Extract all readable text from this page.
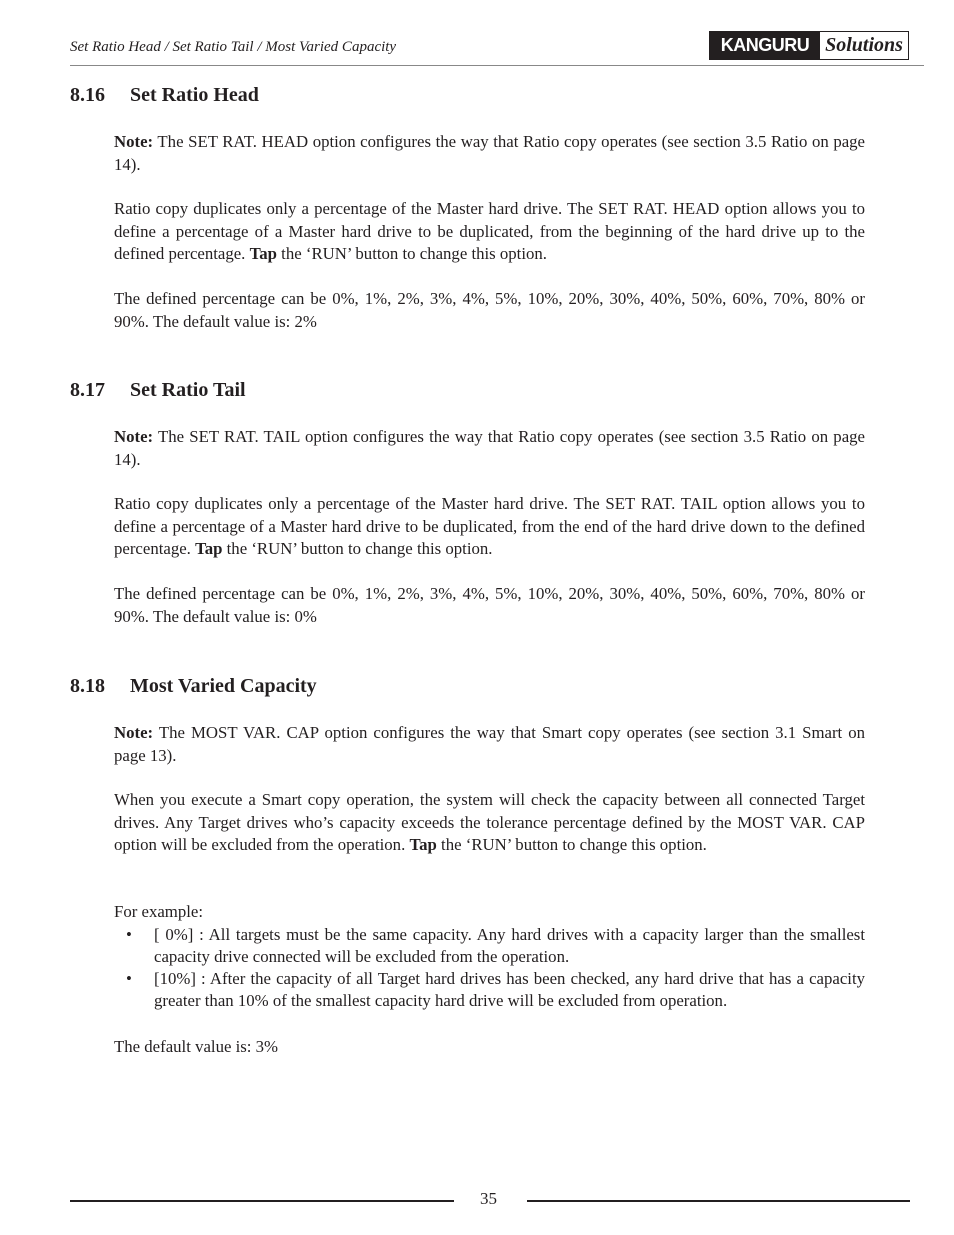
Set Ratio Head / Set Ratio Tail / Most Varied Capacity	KANGURU Solutions
8.16 Set Ratio Head

Note: The SET RAT. HEAD option configures the way that Ratio copy operates (see section 3.5 Ratio on page 14).

Ratio copy duplicates only a percentage of the Master hard drive. The SET RAT. HEAD option allows you to define a percentage of a Master hard drive to be duplicated, from the beginning of the hard drive up to the defined percentage. Tap the ‘RUN’ button to change this option.

The defined percentage can be 0%, 1%, 2%, 3%, 4%, 5%, 10%, 20%, 30%, 40%, 50%, 60%, 70%, 80% or 90%. The default value is: 2%

8.17 Set Ratio Tail

Note: The SET RAT. TAIL option configures the way that Ratio copy operates (see section 3.5 Ratio on page 14).

Ratio copy duplicates only a percentage of the Master hard drive. The SET RAT. TAIL option allows you to define a percentage of a Master hard drive to be duplicated, from the end of the hard drive down to the defined percentage. Tap the ‘RUN’ button to change this option.

The defined percentage can be 0%, 1%, 2%, 3%, 4%, 5%, 10%, 20%, 30%, 40%, 50%, 60%, 70%, 80% or 90%. The default value is: 0%

8.18 Most Varied Capacity

Note: The MOST VAR. CAP option configures the way that Smart copy operates (see section 3.1 Smart on page 13).

When you execute a Smart copy operation, the system will check the capacity between all connected Target drives. Any Target drives who’s capacity exceeds the tolerance percentage defined by the MOST VAR. CAP option will be excluded from the operation. Tap the ‘RUN’ button to change this option.

For example:

• [ 0%] : All targets must be the same capacity. Any hard drives with a capacity larger than the smallest capacity drive connected will be excluded from the operation.
• [10%] : After the capacity of all Target hard drives has been checked, any hard drive that has a capacity greater than 10% of the smallest capacity hard drive will be excluded from operation.

The default value is: 3%

35
